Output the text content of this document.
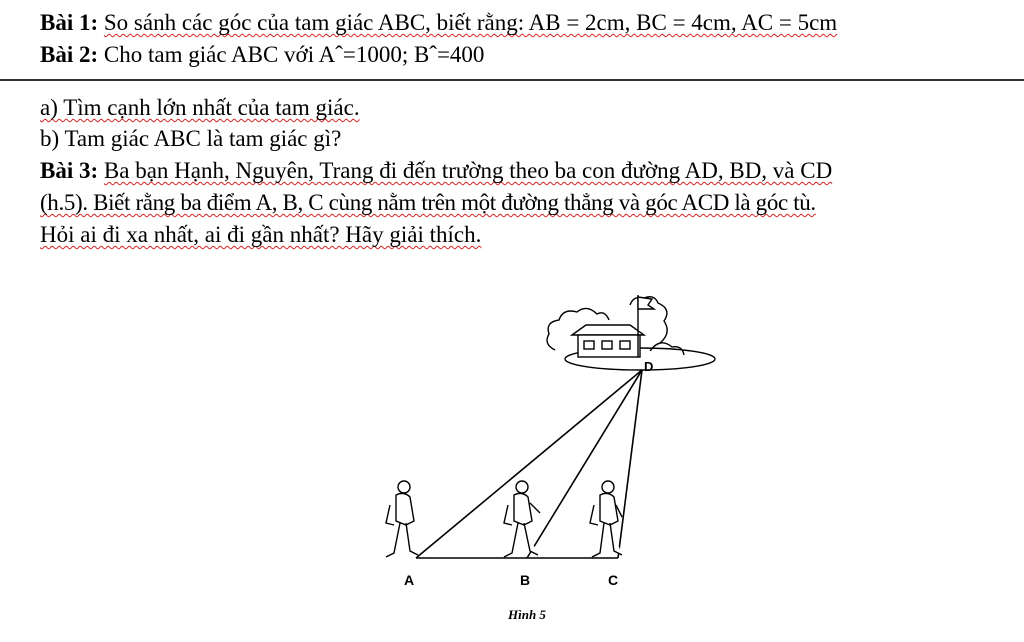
Bài 1: So sánh các góc của tam giác ABC, biết rằng: AB = 2cm, BC = 4cm, AC = 5cm
Bài 2: Cho tam giác ABC với Aˆ=1000; Bˆ=400
a) Tìm cạnh lớn nhất của tam giác.
b) Tam giác ABC là tam giác gì?
Bài 3: Ba bạn Hạnh, Nguyên, Trang đi đến trường theo ba con đường AD, BD, và CD
(h.5). Biết rằng ba điểm A, B, C cùng nằm trên một đường thẳng và góc ACD là góc tù.
Hỏi ai đi xa nhất, ai đi gần nhất? Hãy giải thích.
D
A	B	C
Hình 5
